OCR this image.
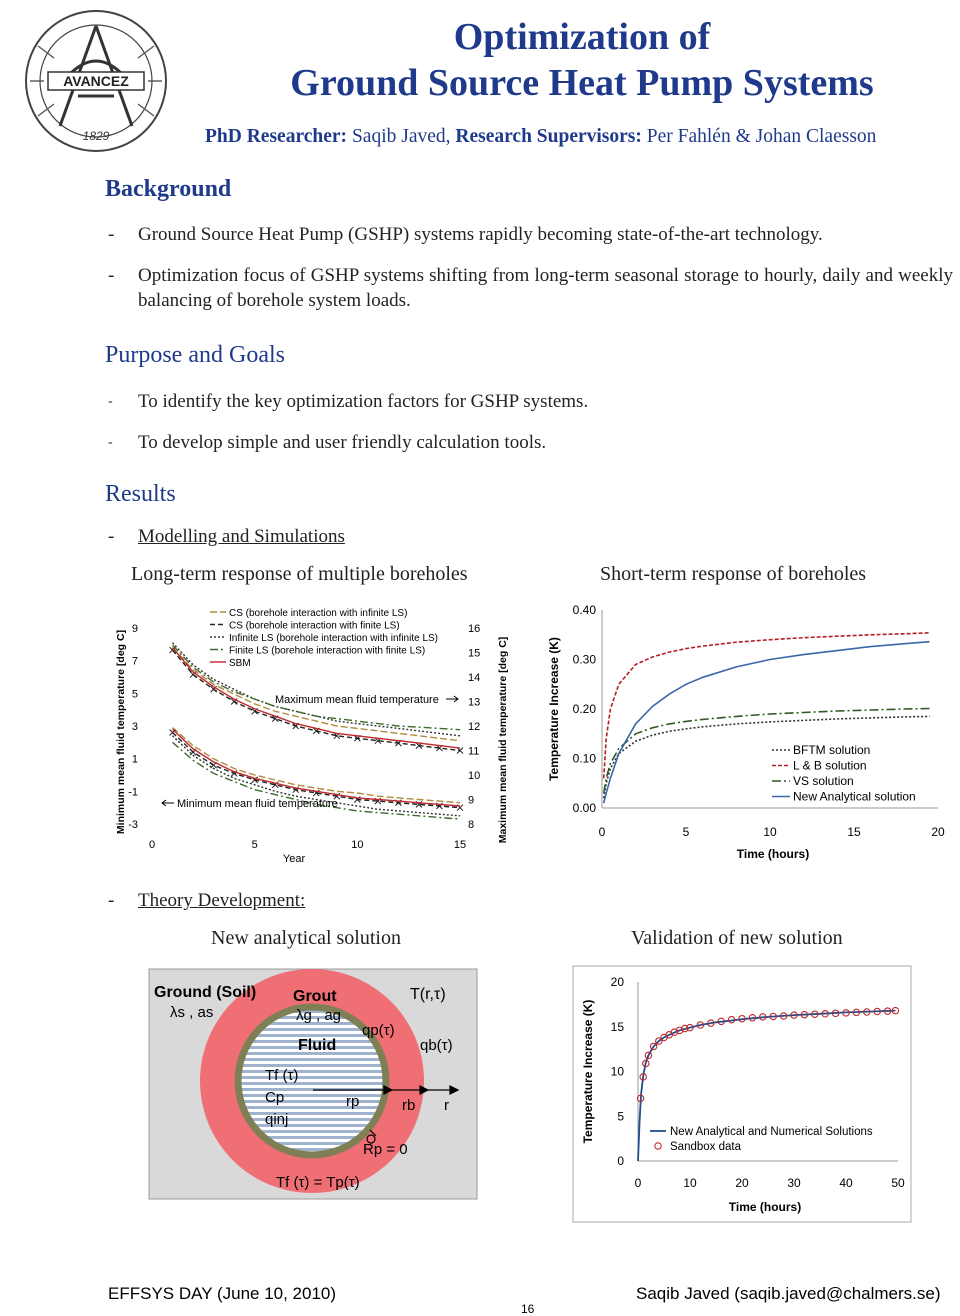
AVANCEZ
1829
Optimization of
Ground Source Heat Pump Systems
PhD Researcher: Saqib Javed, Research Supervisors: Per Fahlén & Johan Claesson
Background
- Ground Source Heat Pump (GSHP) systems rapidly becoming state-of-the-art technology.
- Optimization focus of GSHP systems shifting from long-term seasonal storage to hourly, daily and weekly balancing of borehole system loads.
Purpose and Goals
- To identify the key optimization factors for GSHP systems.
- To develop simple and user friendly calculation tools.
Results
- Modelling and Simulations
Long-term response of multiple boreholes	Short-term response of boreholes
9
7
5
3
1
-1
-3
16
15
14
13
12
11
10
9
8
0	5	10	15
Year
Minimum mean fluid temperature [deg C]	Maximum mean fluid temperature [deg C]
CS (borehole interaction with infinite LS)
CS (borehole interaction with finite LS)
Infinite LS (borehole interaction with infinite LS)
Finite LS (borehole interaction with finite LS)
SBM
Maximum mean fluid temperature
Minimum mean fluid temperature
0.40
0.30
0.20
0.10
0.00
0	5	10	15	20
Time (hours)
Temperature Increase (K)	BFTM solution
L & B solution
VS solution
New Analytical solution
- Theory Development:
New analytical solution	Validation of new solution
Ground (Soil)
λs , as
Grout
λg , ag
Fluid
Tf (τ)
Cp
qinj
rp
qp(τ)
qb(τ)
rb r
T(r,τ)
Rp = 0
Tf (τ) = Tp(τ)
20
15
10
5
0
0	10	20	30	40	50
Time (hours)
Temperature Increase (K)	New Analytical and Numerical Solutions
Sandbox data
EFFSYS DAY (June 10, 2010)	Saqib Javed (saqib.javed@chalmers.se)
16
